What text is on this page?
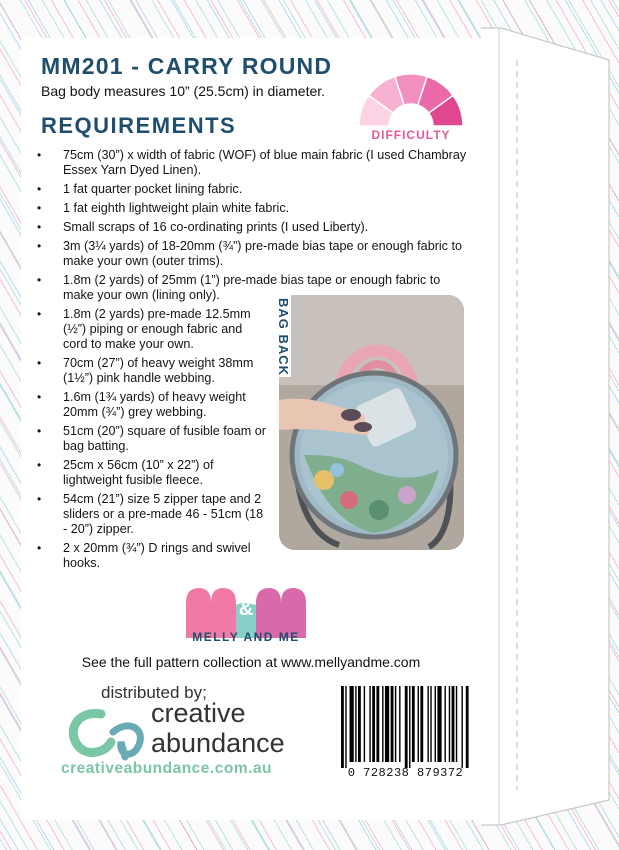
MM201 - CARRY ROUND
Bag body measures 10” (25.5cm) in diameter.
DIFFICULTY
REQUIREMENTS
• 75cm (30”) x width of fabric (WOF) of blue main fabric (I used Chambray Essex Yarn Dyed Linen).
• 1 fat quarter pocket lining fabric.
• 1 fat eighth lightweight plain white fabric.
• Small scraps of 16 co-ordinating prints (I used Liberty).
• 3m (3¼ yards) of 18-20mm (¾”) pre-made bias tape or enough fabric to make your own (outer trims).
• 1.8m (2 yards) of 25mm (1”) pre-made bias tape or enough fabric to make your own (lining only).
• 1.8m (2 yards) pre-made 12.5mm (½”) piping or enough fabric and cord to make your own.
• 70cm (27”) of heavy weight 38mm (1½”) pink handle webbing.
• 1.6m (1¾ yards) of heavy weight 20mm (¾”) grey webbing.
• 51cm (20”) square of fusible foam or bag batting.
• 25cm x 56cm (10” x 22”) of lightweight fusible fleece.
• 54cm (21”) size 5 zipper tape and 2 sliders or a pre-made 46 - 51cm (18 - 20”) zipper.
• 2 x 20mm (¾”) D rings and swivel hooks.
BAG BACK
&
MELLY AND ME
See the full pattern collection at www.mellyandme.com
distributed by;
creative
abundance
creativeabundance.com.au	0 728238 879372
